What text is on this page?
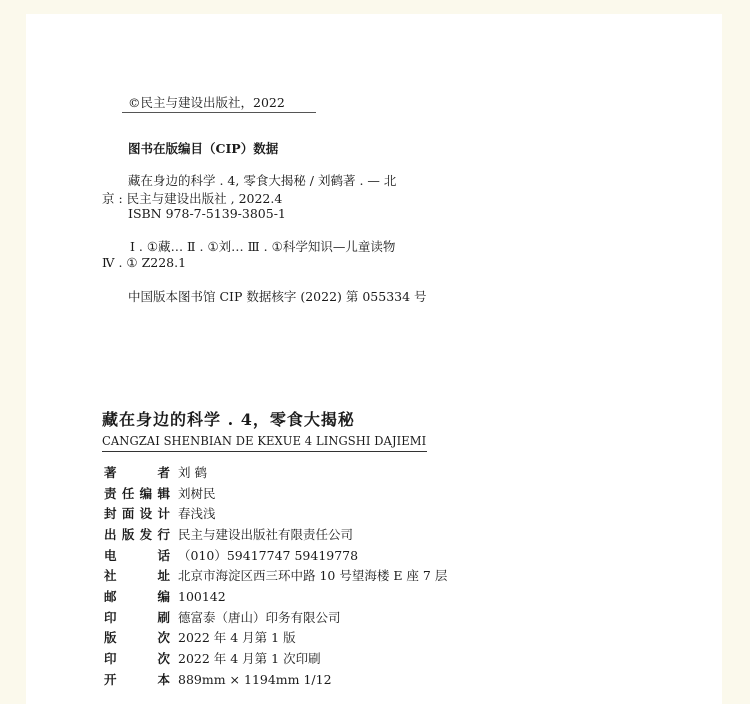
©民主与建设出版社，2022
图书在版编目（CIP）数据
藏在身边的科学 . 4, 零食大揭秘 / 刘鹤著 . — 北
京 : 民主与建设出版社 , 2022.4
ISBN 978-7-5139-3805-1
Ⅰ . ①藏… Ⅱ . ①刘… Ⅲ . ①科学知识—儿童读物
Ⅳ . ① Z228.1
中国版本图书馆 CIP 数据核字 (2022) 第 055334 号
藏在身边的科学 . 4，零食大揭秘
CANGZAI SHENBIAN DE KEXUE 4 LINGSHI DAJIEMI
著 者 刘 鹤
责任编辑 刘树民
封面设计 春浅浅
出版发行 民主与建设出版社有限责任公司
电 话 （010）59417747 59419778
社 址 北京市海淀区西三环中路 10 号望海楼 E 座 7 层
邮 编 100142
印 刷 德富泰（唐山）印务有限公司
版 次 2022 年 4 月第 1 版
印 次 2022 年 4 月第 1 次印刷
开 本 889mm × 1194mm 1/12
